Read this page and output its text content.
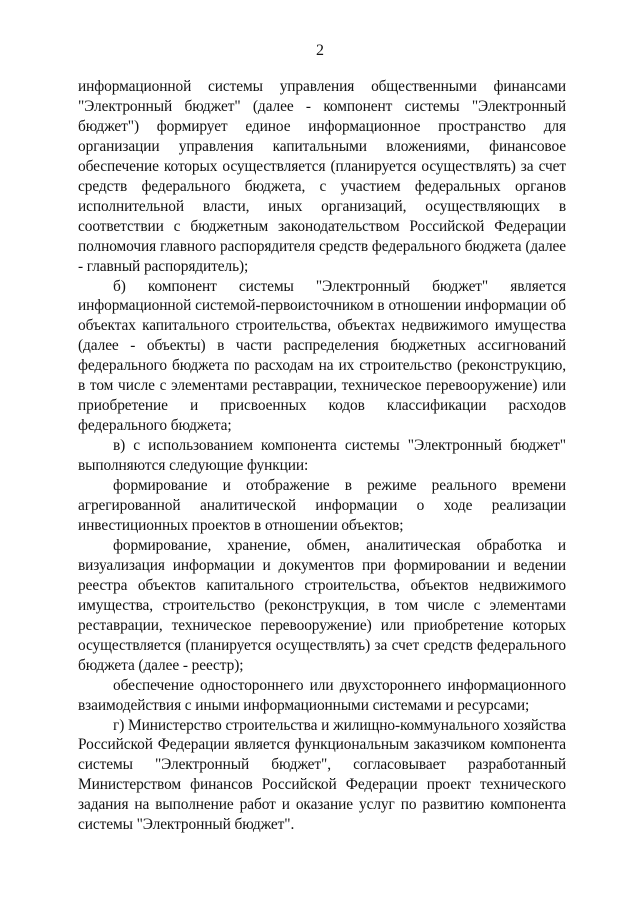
2

информационной системы управления общественными финансами "Электронный бюджет" (далее - компонент системы "Электронный бюджет") формирует единое информационное пространство для организации управления капитальными вложениями, финансовое обеспечение которых осуществляется (планируется осуществлять) за счет средств федерального бюджета, с участием федеральных органов исполнительной власти, иных организаций, осуществляющих в соответствии с бюджетным законодательством Российской Федерации полномочия главного распорядителя средств федерального бюджета (далее - главный распорядитель);

б) компонент системы "Электронный бюджет" является информационной системой-первоисточником в отношении информации об объектах капитального строительства, объектах недвижимого имущества (далее - объекты) в части распределения бюджетных ассигнований федерального бюджета по расходам на их строительство (реконструкцию, в том числе с элементами реставрации, техническое перевооружение) или приобретение и присвоенных кодов классификации расходов федерального бюджета;

в) с использованием компонента системы "Электронный бюджет" выполняются следующие функции:

формирование и отображение в режиме реального времени агрегированной аналитической информации о ходе реализации инвестиционных проектов в отношении объектов;

формирование, хранение, обмен, аналитическая обработка и визуализация информации и документов при формировании и ведении реестра объектов капитального строительства, объектов недвижимого имущества, строительство (реконструкция, в том числе с элементами реставрации, техническое перевооружение) или приобретение которых осуществляется (планируется осуществлять) за счет средств федерального бюджета (далее - реестр);

обеспечение одностороннего или двухстороннего информационного взаимодействия с иными информационными системами и ресурсами;

г) Министерство строительства и жилищно-коммунального хозяйства Российской Федерации является функциональным заказчиком компонента системы "Электронный бюджет", согласовывает разработанный Министерством финансов Российской Федерации проект технического задания на выполнение работ и оказание услуг по развитию компонента системы "Электронный бюджет".
